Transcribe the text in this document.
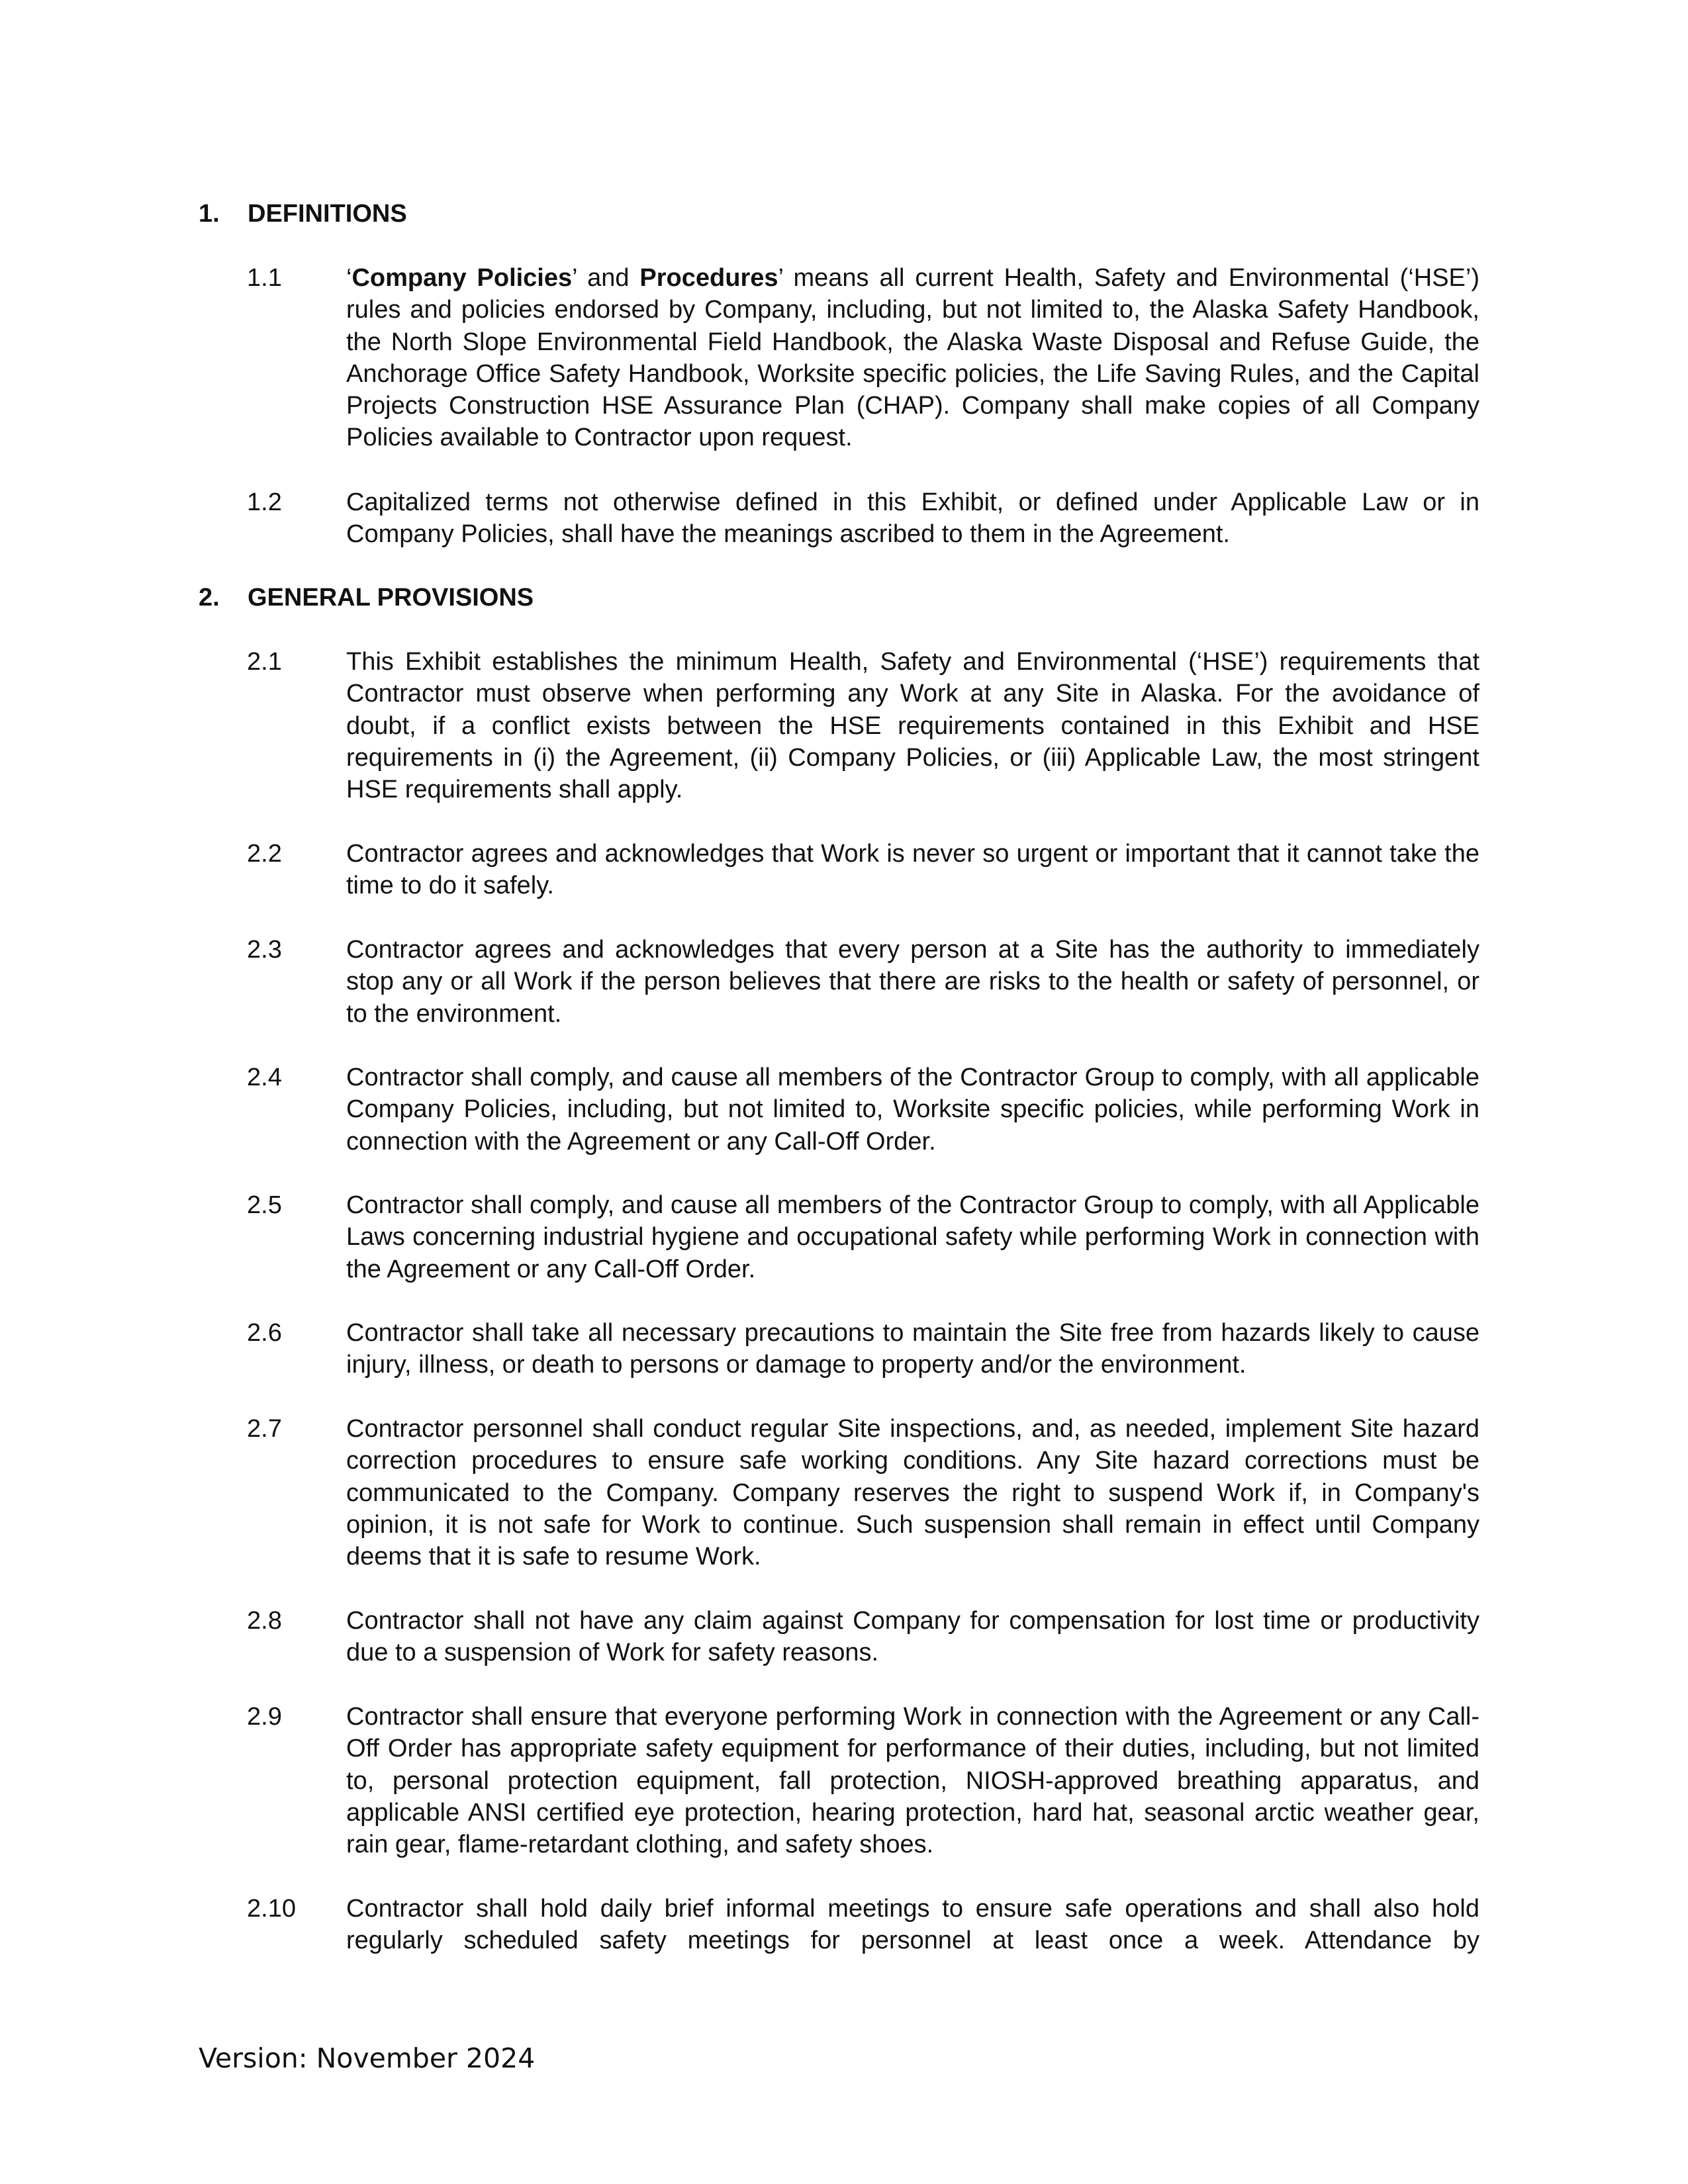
1. DEFINITIONS
1.1	‘Company Policies’ and Procedures’ means all current Health, Safety and Environmental (‘HSE’) rules and policies endorsed by Company, including, but not limited to, the Alaska Safety Handbook, the North Slope Environmental Field Handbook, the Alaska Waste Disposal and Refuse Guide, the Anchorage Office Safety Handbook, Worksite specific policies, the Life Saving Rules, and the Capital Projects Construction HSE Assurance Plan (CHAP). Company shall make copies of all Company Policies available to Contractor upon request.
1.2	Capitalized terms not otherwise defined in this Exhibit, or defined under Applicable Law or in Company Policies, shall have the meanings ascribed to them in the Agreement.
2. GENERAL PROVISIONS
2.1	This Exhibit establishes the minimum Health, Safety and Environmental (‘HSE’) requirements that Contractor must observe when performing any Work at any Site in Alaska. For the avoidance of doubt, if a conflict exists between the HSE requirements contained in this Exhibit and HSE requirements in (i) the Agreement, (ii) Company Policies, or (iii) Applicable Law, the most stringent HSE requirements shall apply.
2.2	Contractor agrees and acknowledges that Work is never so urgent or important that it cannot take the time to do it safely.
2.3	Contractor agrees and acknowledges that every person at a Site has the authority to immediately stop any or all Work if the person believes that there are risks to the health or safety of personnel, or to the environment.
2.4	Contractor shall comply, and cause all members of the Contractor Group to comply, with all applicable Company Policies, including, but not limited to, Worksite specific policies, while performing Work in connection with the Agreement or any Call-Off Order.
2.5	Contractor shall comply, and cause all members of the Contractor Group to comply, with all Applicable Laws concerning industrial hygiene and occupational safety while performing Work in connection with the Agreement or any Call-Off Order.
2.6	Contractor shall take all necessary precautions to maintain the Site free from hazards likely to cause injury, illness, or death to persons or damage to property and/or the environment.
2.7	Contractor personnel shall conduct regular Site inspections, and, as needed, implement Site hazard correction procedures to ensure safe working conditions. Any Site hazard corrections must be communicated to the Company. Company reserves the right to suspend Work if, in Company's opinion, it is not safe for Work to continue. Such suspension shall remain in effect until Company deems that it is safe to resume Work.
2.8	Contractor shall not have any claim against Company for compensation for lost time or productivity due to a suspension of Work for safety reasons.
2.9	Contractor shall ensure that everyone performing Work in connection with the Agreement or any Call-Off Order has appropriate safety equipment for performance of their duties, including, but not limited to, personal protection equipment, fall protection, NIOSH-approved breathing apparatus, and applicable ANSI certified eye protection, hearing protection, hard hat, seasonal arctic weather gear, rain gear, flame-retardant clothing, and safety shoes.
2.10	Contractor shall hold daily brief informal meetings to ensure safe operations and shall also hold regularly scheduled safety meetings for personnel at least once a week. Attendance by
Version: November 2024
